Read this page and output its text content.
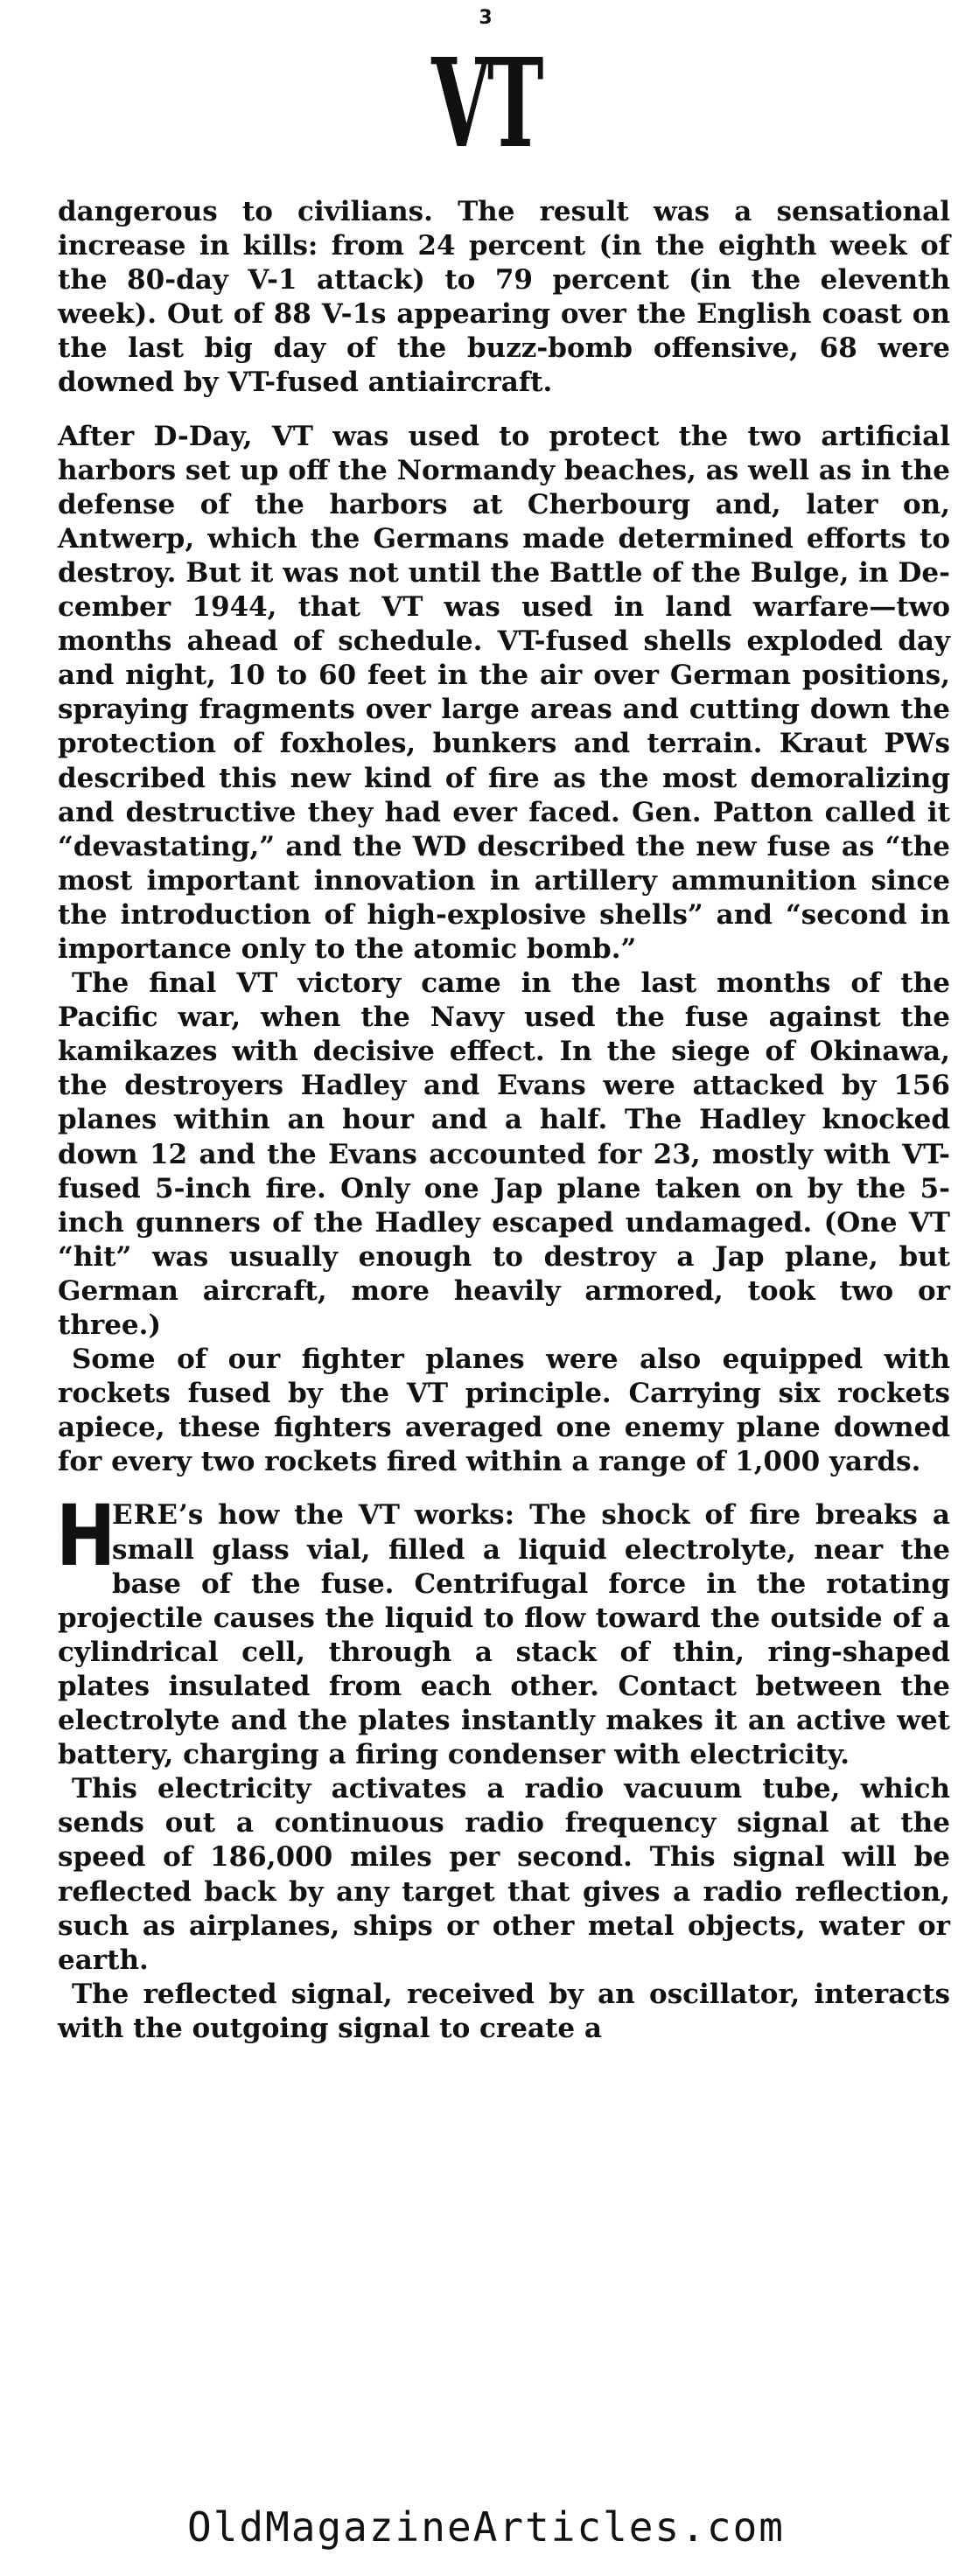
3
VT

dangerous to civilians. The result was a sensational increase in kills: from 24 percent (in the eighth week of the 80-day V-1 attack) to 79 percent (in the eleventh week). Out of 88 V-1s appearing over the English coast on the last big day of the buzz-bomb offensive, 68 were downed by VT-fused antiaircraft.

After D-Day, VT was used to protect the two artificial harbors set up off the Normandy beaches, as well as in the defense of the harbors at Cherbourg and, later on, Antwerp, which the Germans made determined efforts to destroy. But it was not until the Battle of the Bulge, in December 1944, that VT was used in land warfare—two months ahead of schedule. VT-fused shells exploded day and night, 10 to 60 feet in the air over German positions, spraying fragments over large areas and cutting down the protection of foxholes, bunkers and terrain. Kraut PWs described this new kind of fire as the most demoralizing and destructive they had ever faced. Gen. Patton called it “devastating,” and the WD described the new fuse as “the most important innovation in artillery ammunition since the introduction of high-explosive shells” and “second in importance only to the atomic bomb.”

The final VT victory came in the last months of the Pacific war, when the Navy used the fuse against the kamikazes with decisive effect. In the siege of Okinawa, the destroyers Hadley and Evans were attacked by 156 planes within an hour and a half. The Hadley knocked down 12 and the Evans accounted for 23, mostly with VT-fused 5-inch fire. Only one Jap plane taken on by the 5-inch gunners of the Hadley escaped undamaged. (One VT “hit” was usually enough to destroy a Jap plane, but German aircraft, more heavily armored, took two or three.)

Some of our fighter planes were also equipped with rockets fused by the VT principle. Carrying six rockets apiece, these fighters averaged one enemy plane downed for every two rockets fired within a range of 1,000 yards.

H
ERE’s how the VT works: The shock of fire breaks a small glass vial, filled a liquid electrolyte, near the base of the fuse. Centrifugal force in the rotating projectile causes the liquid to flow toward the outside of a cylindrical cell, through a stack of thin, ring-shaped plates insulated from each other. Contact between the electrolyte and the plates instantly makes it an active wet battery, charging a firing condenser with electricity.

This electricity activates a radio vacuum tube, which sends out a continuous radio frequency signal at the speed of 186,000 miles per second. This signal will be reflected back by any target that gives a radio reflection, such as airplanes, ships or other metal objects, water or earth.

The reflected signal, received by an oscillator, interacts with the outgoing signal to create a

OldMagazineArticles.com
